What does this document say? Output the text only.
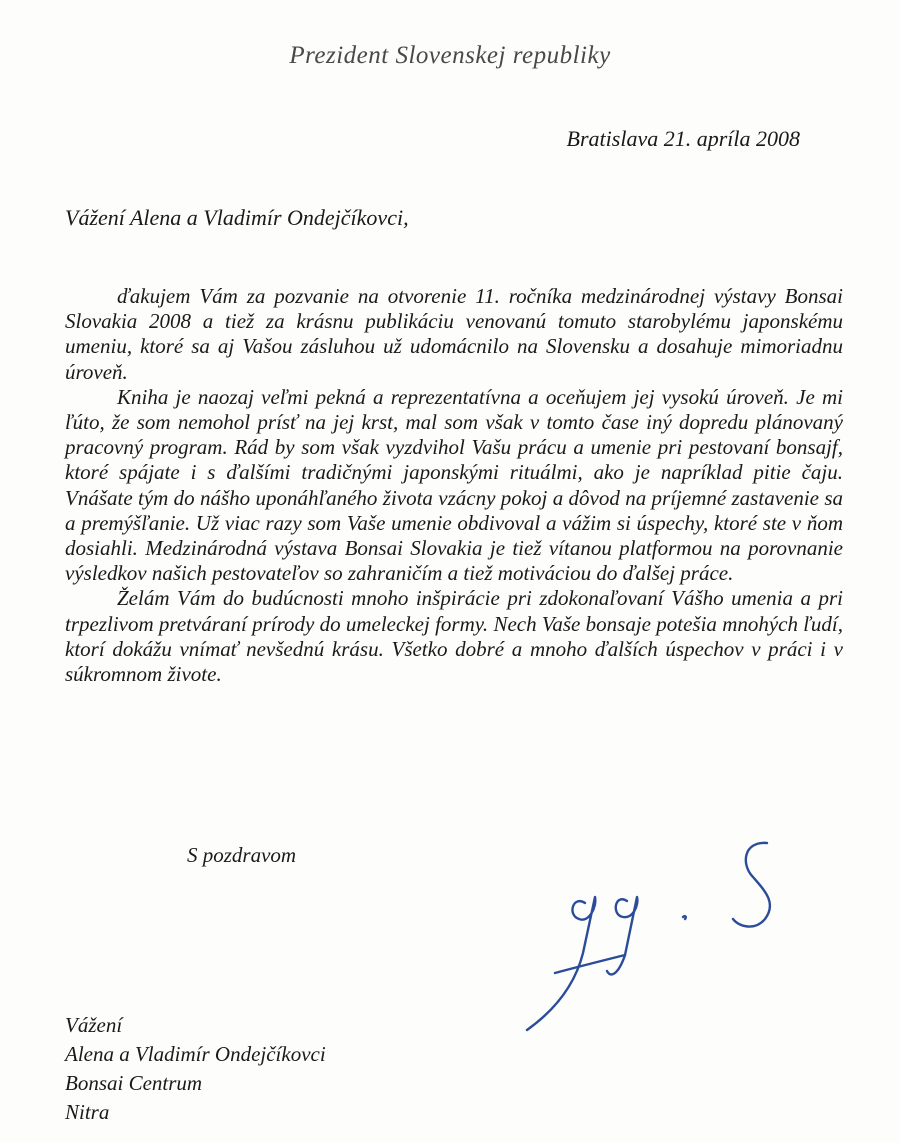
Prezident Slovenskej republiky
Bratislava 21. apríla 2008
Vážení Alena a Vladimír Ondejčíkovci,

ďakujem Vám za pozvanie na otvorenie 11. ročníka medzinárodnej výstavy Bonsai Slovakia 2008 a tiež za krásnu publikáciu venovanú tomuto starobylému japonskému umeniu, ktoré sa aj Vašou zásluhou už udomácnilo na Slovensku a dosahuje mimoriadnu úroveň.

Kniha je naozaj veľmi pekná a reprezentatívna a oceňujem jej vysokú úroveň. Je mi ľúto, že som nemohol prísť na jej krst, mal som však v tomto čase iný dopredu plánovaný pracovný program. Rád by som však vyzdvihol Vašu prácu a umenie pri pestovaní bonsajf, ktoré spájate i s ďalšími tradičnými japonskými rituálmi, ako je napríklad pitie čaju. Vnášate tým do nášho uponáhľaného života vzácny pokoj a dôvod na príjemné zastavenie sa a premýšľanie. Už viac razy som Vaše umenie obdivoval a vážim si úspechy, ktoré ste v ňom dosiahli. Medzinárodná výstava Bonsai Slovakia je tiež vítanou platformou na porovnanie výsledkov našich pestovateľov so zahraničím a tiež motiváciou do ďalšej práce.

Želám Vám do budúcnosti mnoho inšpirácie pri zdokonaľovaní Vášho umenia a pri trpezlivom pretváraní prírody do umeleckej formy. Nech Vaše bonsaje potešia mnohých ľudí, ktorí dokážu vnímať nevšednú krásu. Všetko dobré a mnoho ďalších úspechov v práci i v súkromnom živote.

S pozdravom
Vážení
Alena a Vladimír Ondejčíkovci
Bonsai Centrum
Nitra
